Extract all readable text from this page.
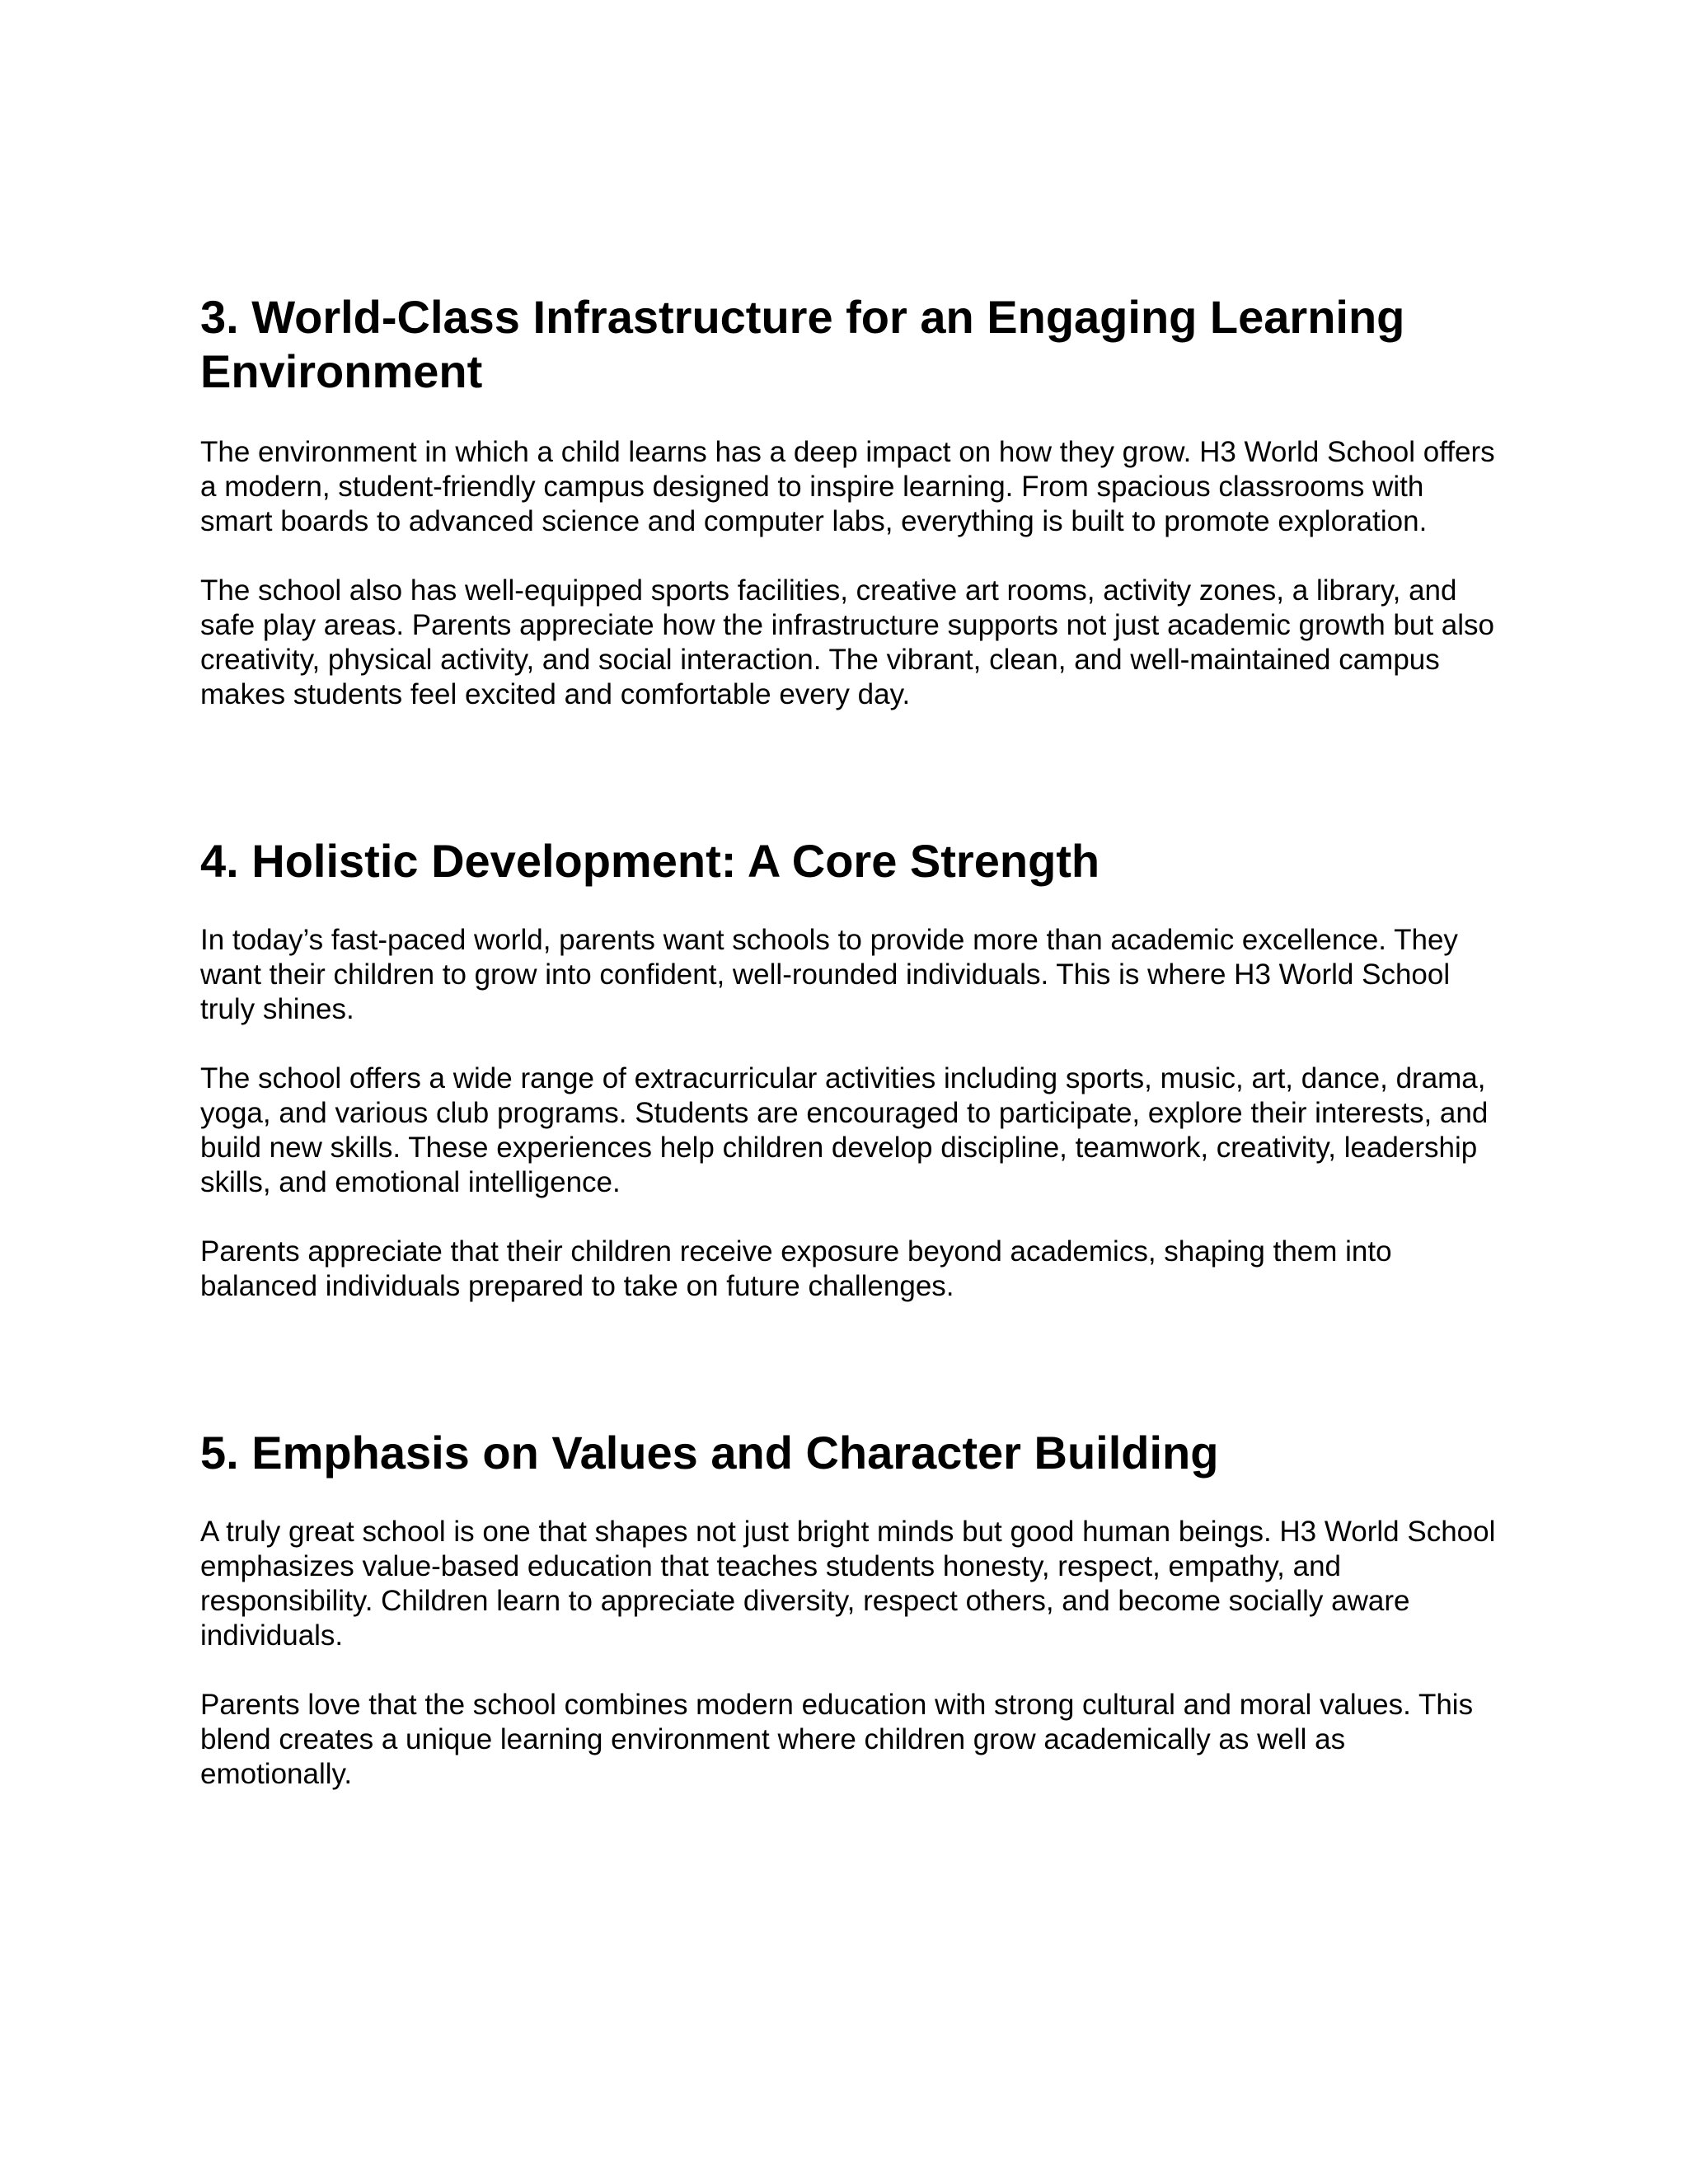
3. World-Class Infrastructure for an Engaging Learning Environment

The environment in which a child learns has a deep impact on how they grow. H3 World School offers a modern, student-friendly campus designed to inspire learning. From spacious classrooms with smart boards to advanced science and computer labs, everything is built to promote exploration.

The school also has well-equipped sports facilities, creative art rooms, activity zones, a library, and safe play areas. Parents appreciate how the infrastructure supports not just academic growth but also creativity, physical activity, and social interaction. The vibrant, clean, and well-maintained campus makes students feel excited and comfortable every day.

4. Holistic Development: A Core Strength

In today’s fast-paced world, parents want schools to provide more than academic excellence. They want their children to grow into confident, well-rounded individuals. This is where H3 World School truly shines.

The school offers a wide range of extracurricular activities including sports, music, art, dance, drama, yoga, and various club programs. Students are encouraged to participate, explore their interests, and build new skills. These experiences help children develop discipline, teamwork, creativity, leadership skills, and emotional intelligence.

Parents appreciate that their children receive exposure beyond academics, shaping them into balanced individuals prepared to take on future challenges.

5. Emphasis on Values and Character Building

A truly great school is one that shapes not just bright minds but good human beings. H3 World School emphasizes value-based education that teaches students honesty, respect, empathy, and responsibility. Children learn to appreciate diversity, respect others, and become socially aware individuals.

Parents love that the school combines modern education with strong cultural and moral values. This blend creates a unique learning environment where children grow academically as well as emotionally.
